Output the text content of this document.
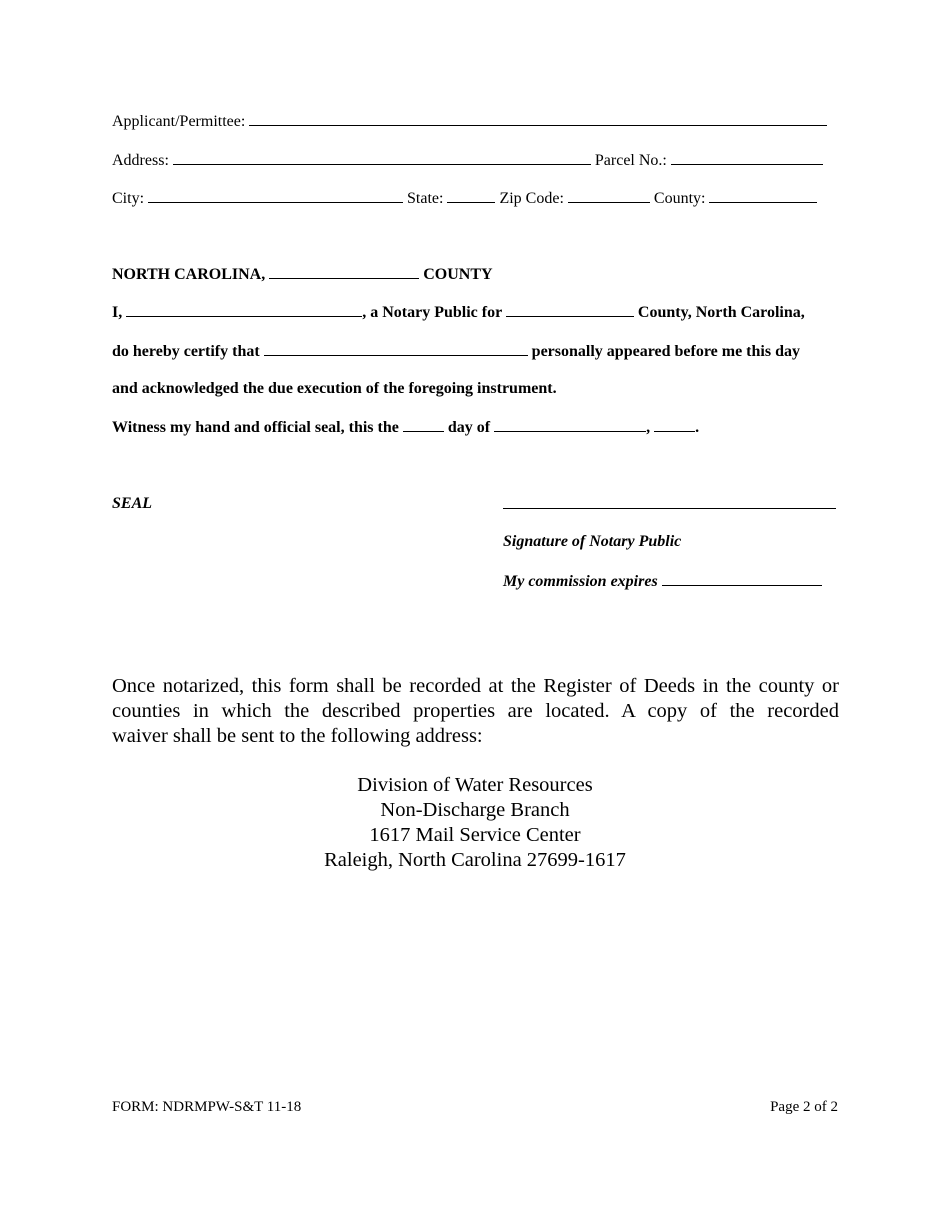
Applicant/Permittee:
Address:	Parcel No.:
City:	State:	Zip Code:	County:
NORTH CAROLINA,	COUNTY
I,	, a Notary Public for	County, North Carolina,
do hereby certify that	personally appeared before me this day
and acknowledged the due execution of the foregoing instrument.
Witness my hand and official seal, this the	day of	,	.
SEAL
Signature of Notary Public
My commission expires
Once notarized, this form shall be recorded at the Register of Deeds in the county or
counties in which the described properties are located. A copy of the recorded
waiver shall be sent to the following address:
Division of Water Resources
Non-Discharge Branch
1617 Mail Service Center
Raleigh, North Carolina 27699-1617
FORM: NDRMPW-S&T 11-18	Page 2 of 2
